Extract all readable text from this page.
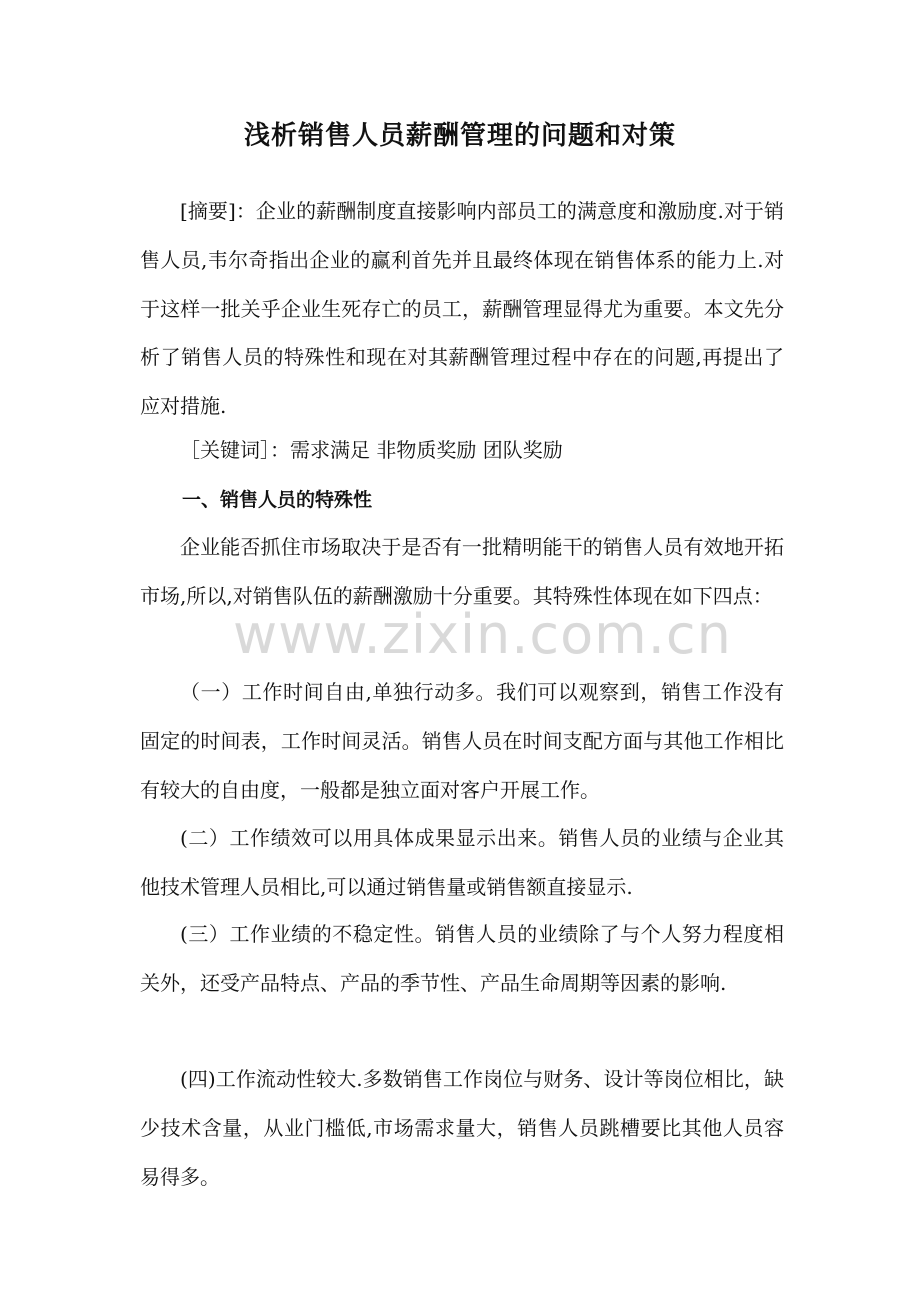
浅析销售人员薪酬管理的问题和对策
[摘要]：企业的薪酬制度直接影响内部员工的满意度和激励度.对于销售人员,韦尔奇指出企业的赢利首先并且最终体现在销售体系的能力上.对于这样一批关乎企业生死存亡的员工，薪酬管理显得尤为重要。本文先分析了销售人员的特殊性和现在对其薪酬管理过程中存在的问题,再提出了应对措施.
［关键词］：需求满足 非物质奖励 团队奖励
一、销售人员的特殊性
企业能否抓住市场取决于是否有一批精明能干的销售人员有效地开拓市场,所以,对销售队伍的薪酬激励十分重要。其特殊性体现在如下四点：
（一）工作时间自由,单独行动多。我们可以观察到，销售工作没有固定的时间表，工作时间灵活。销售人员在时间支配方面与其他工作相比有较大的自由度，一般都是独立面对客户开展工作。
(二）工作绩效可以用具体成果显示出来。销售人员的业绩与企业其他技术管理人员相比,可以通过销售量或销售额直接显示.
(三）工作业绩的不稳定性。销售人员的业绩除了与个人努力程度相关外，还受产品特点、产品的季节性、产品生命周期等因素的影响.
(四)工作流动性较大.多数销售工作岗位与财务、设计等岗位相比，缺少技术含量，从业门槛低,市场需求量大，销售人员跳槽要比其他人员容易得多。
www.zixin.com.cn
